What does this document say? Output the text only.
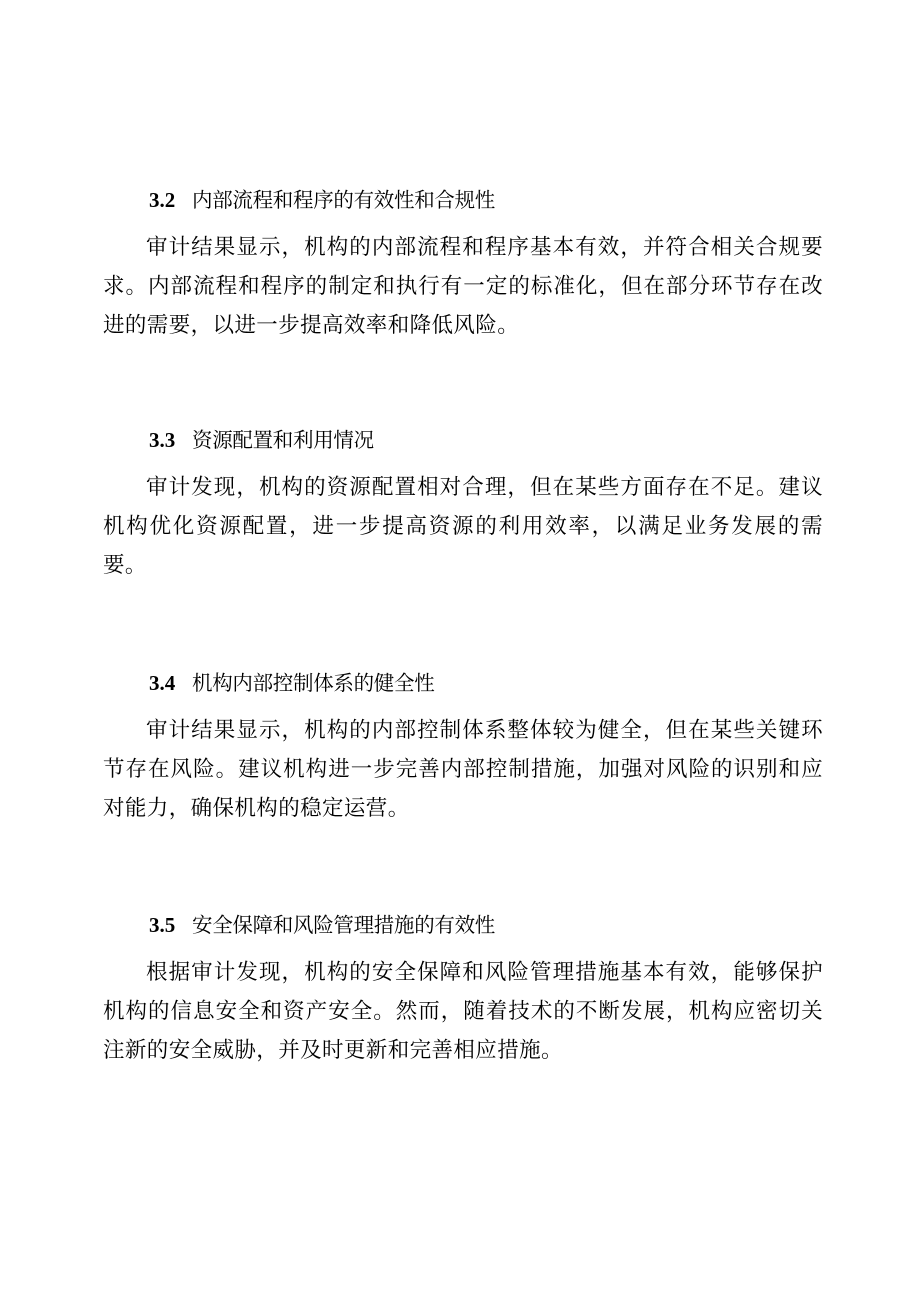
3.2 内部流程和程序的有效性和合规性

审计结果显示，机构的内部流程和程序基本有效，并符合相关合规要求。内部流程和程序的制定和执行有一定的标准化，但在部分环节存在改进的需要，以进一步提高效率和降低风险。

3.3 资源配置和利用情况

审计发现，机构的资源配置相对合理，但在某些方面存在不足。建议机构优化资源配置，进一步提高资源的利用效率，以满足业务发展的需要。

3.4 机构内部控制体系的健全性

审计结果显示，机构的内部控制体系整体较为健全，但在某些关键环节存在风险。建议机构进一步完善内部控制措施，加强对风险的识别和应对能力，确保机构的稳定运营。

3.5 安全保障和风险管理措施的有效性

根据审计发现，机构的安全保障和风险管理措施基本有效，能够保护机构的信息安全和资产安全。然而，随着技术的不断发展，机构应密切关注新的安全威胁，并及时更新和完善相应措施。
